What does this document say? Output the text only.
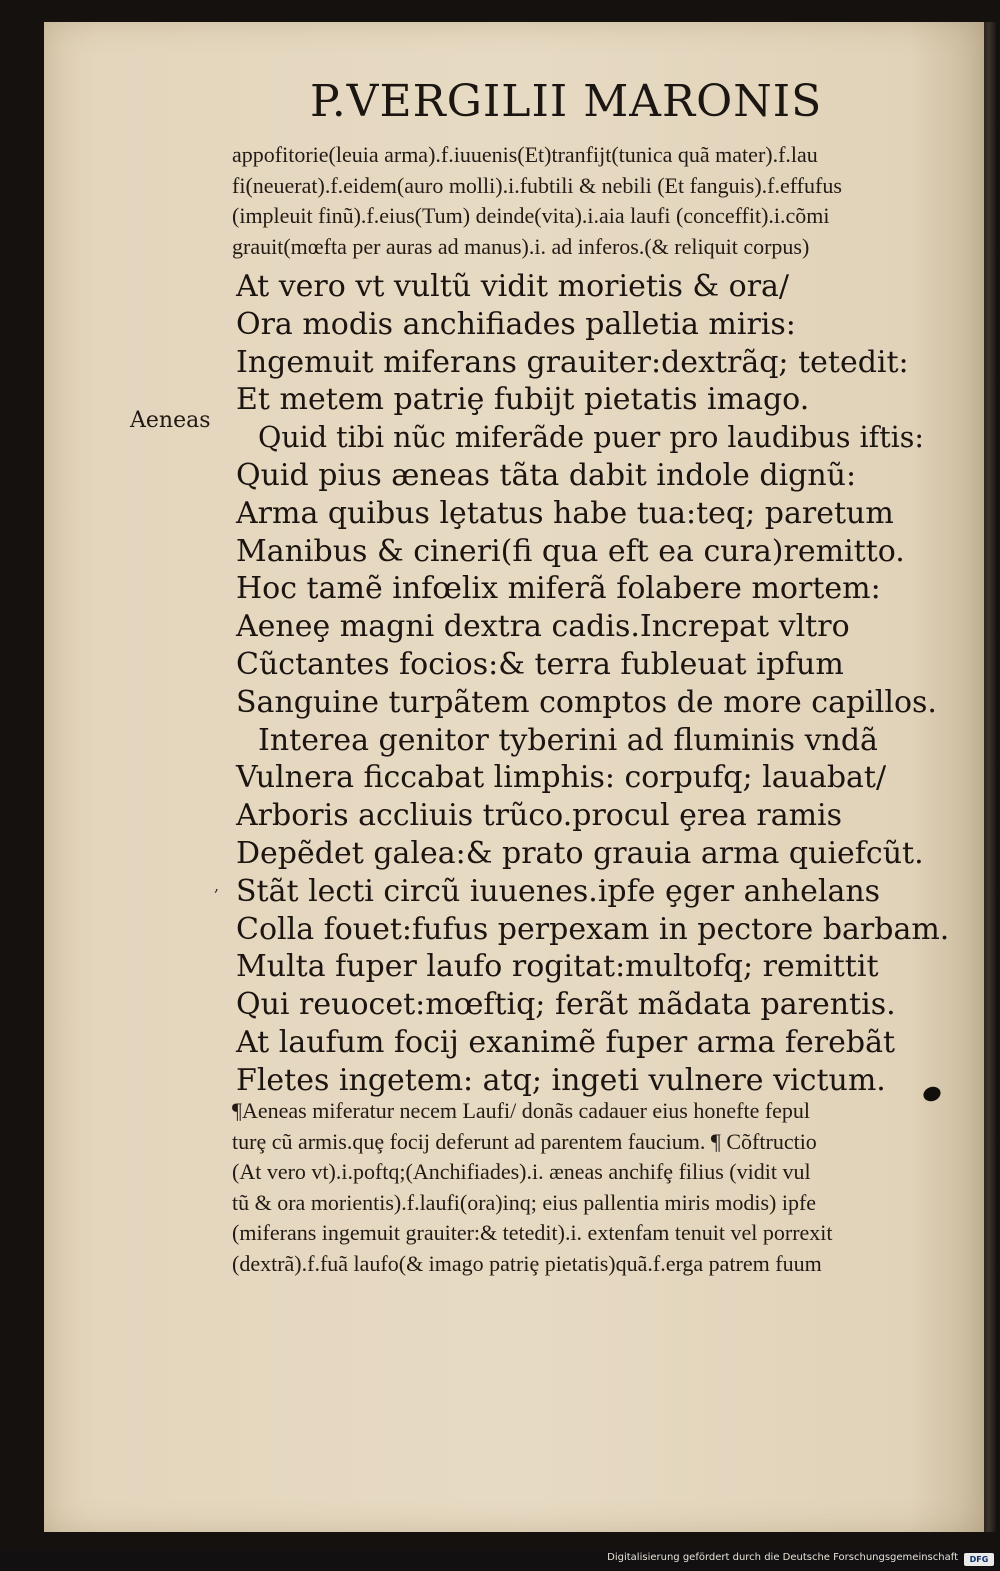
P.VERGILII MARONIS
appofitorie(leuia arma).f.iuuenis(Et)tranfijt(tunica quã mater).f.lau
fi(neuerat).f.eidem(auro molli).i.fubtili & nebili (Et fanguis).f.effufus
(impleuit finũ).f.eius(Tum) deinde(vita).i.aia laufi (conceffit).i.cõmi
grauit(mœfta per auras ad manus).i. ad inferos.(& reliquit corpus)
Aeneas
,
At vero vt vultũ vidit morietis & ora/
Ora modis anchifiades palletia miris:
Ingemuit miferans grauiter:dextrãq; tetedit:
Et metem patriȩ fubijt pietatis imago.
Quid tibi nũc miferãde puer pro laudibus iftis:
Quid pius æneas tãta dabit indole dignũ:
Arma quibus lȩtatus habe tua:teq; paretum
Manibus & cineri(fi qua eft ea cura)remitto.
Hoc tamẽ infœlix miferã folabere mortem:
Aeneȩ magni dextra cadis.Increpat vltro
Cũctantes focios:& terra fubleuat ipfum
Sanguine turpãtem comptos de more capillos.
Interea genitor tyberini ad fluminis vndã
Vulnera ficcabat limphis: corpufq; lauabat/
Arboris accliuis trũco.procul ȩrea ramis
Depẽdet galea:& prato grauia arma quiefcũt.
Stãt lecti circũ iuuenes.ipfe ȩger anhelans
Colla fouet:fufus perpexam in pectore barbam.
Multa fuper laufo rogitat:multofq; remittit
Qui reuocet:mœftiq; ferãt mãdata parentis.
At laufum focij exanimẽ fuper arma ferebãt
Fletes ingetem: atq; ingeti vulnere victum.
¶Aeneas miferatur necem Laufi/ donãs cadauer eius honefte fepul
turȩ cũ armis.quȩ focij deferunt ad parentem faucium. ¶ Cõftructio
(At vero vt).i.poftq;(Anchifiades).i. æneas anchifȩ filius (vidit vul
tũ & ora morientis).f.laufi(ora)inq; eius pallentia miris modis) ipfe
(miferans ingemuit grauiter:& tetedit).i. extenfam tenuit vel porrexit
(dextrã).f.fuã laufo(& imago patriȩ pietatis)quã.f.erga patrem fuum
Digitalisierung gefördert durch die Deutsche Forschungsgemeinschaft	DFG
